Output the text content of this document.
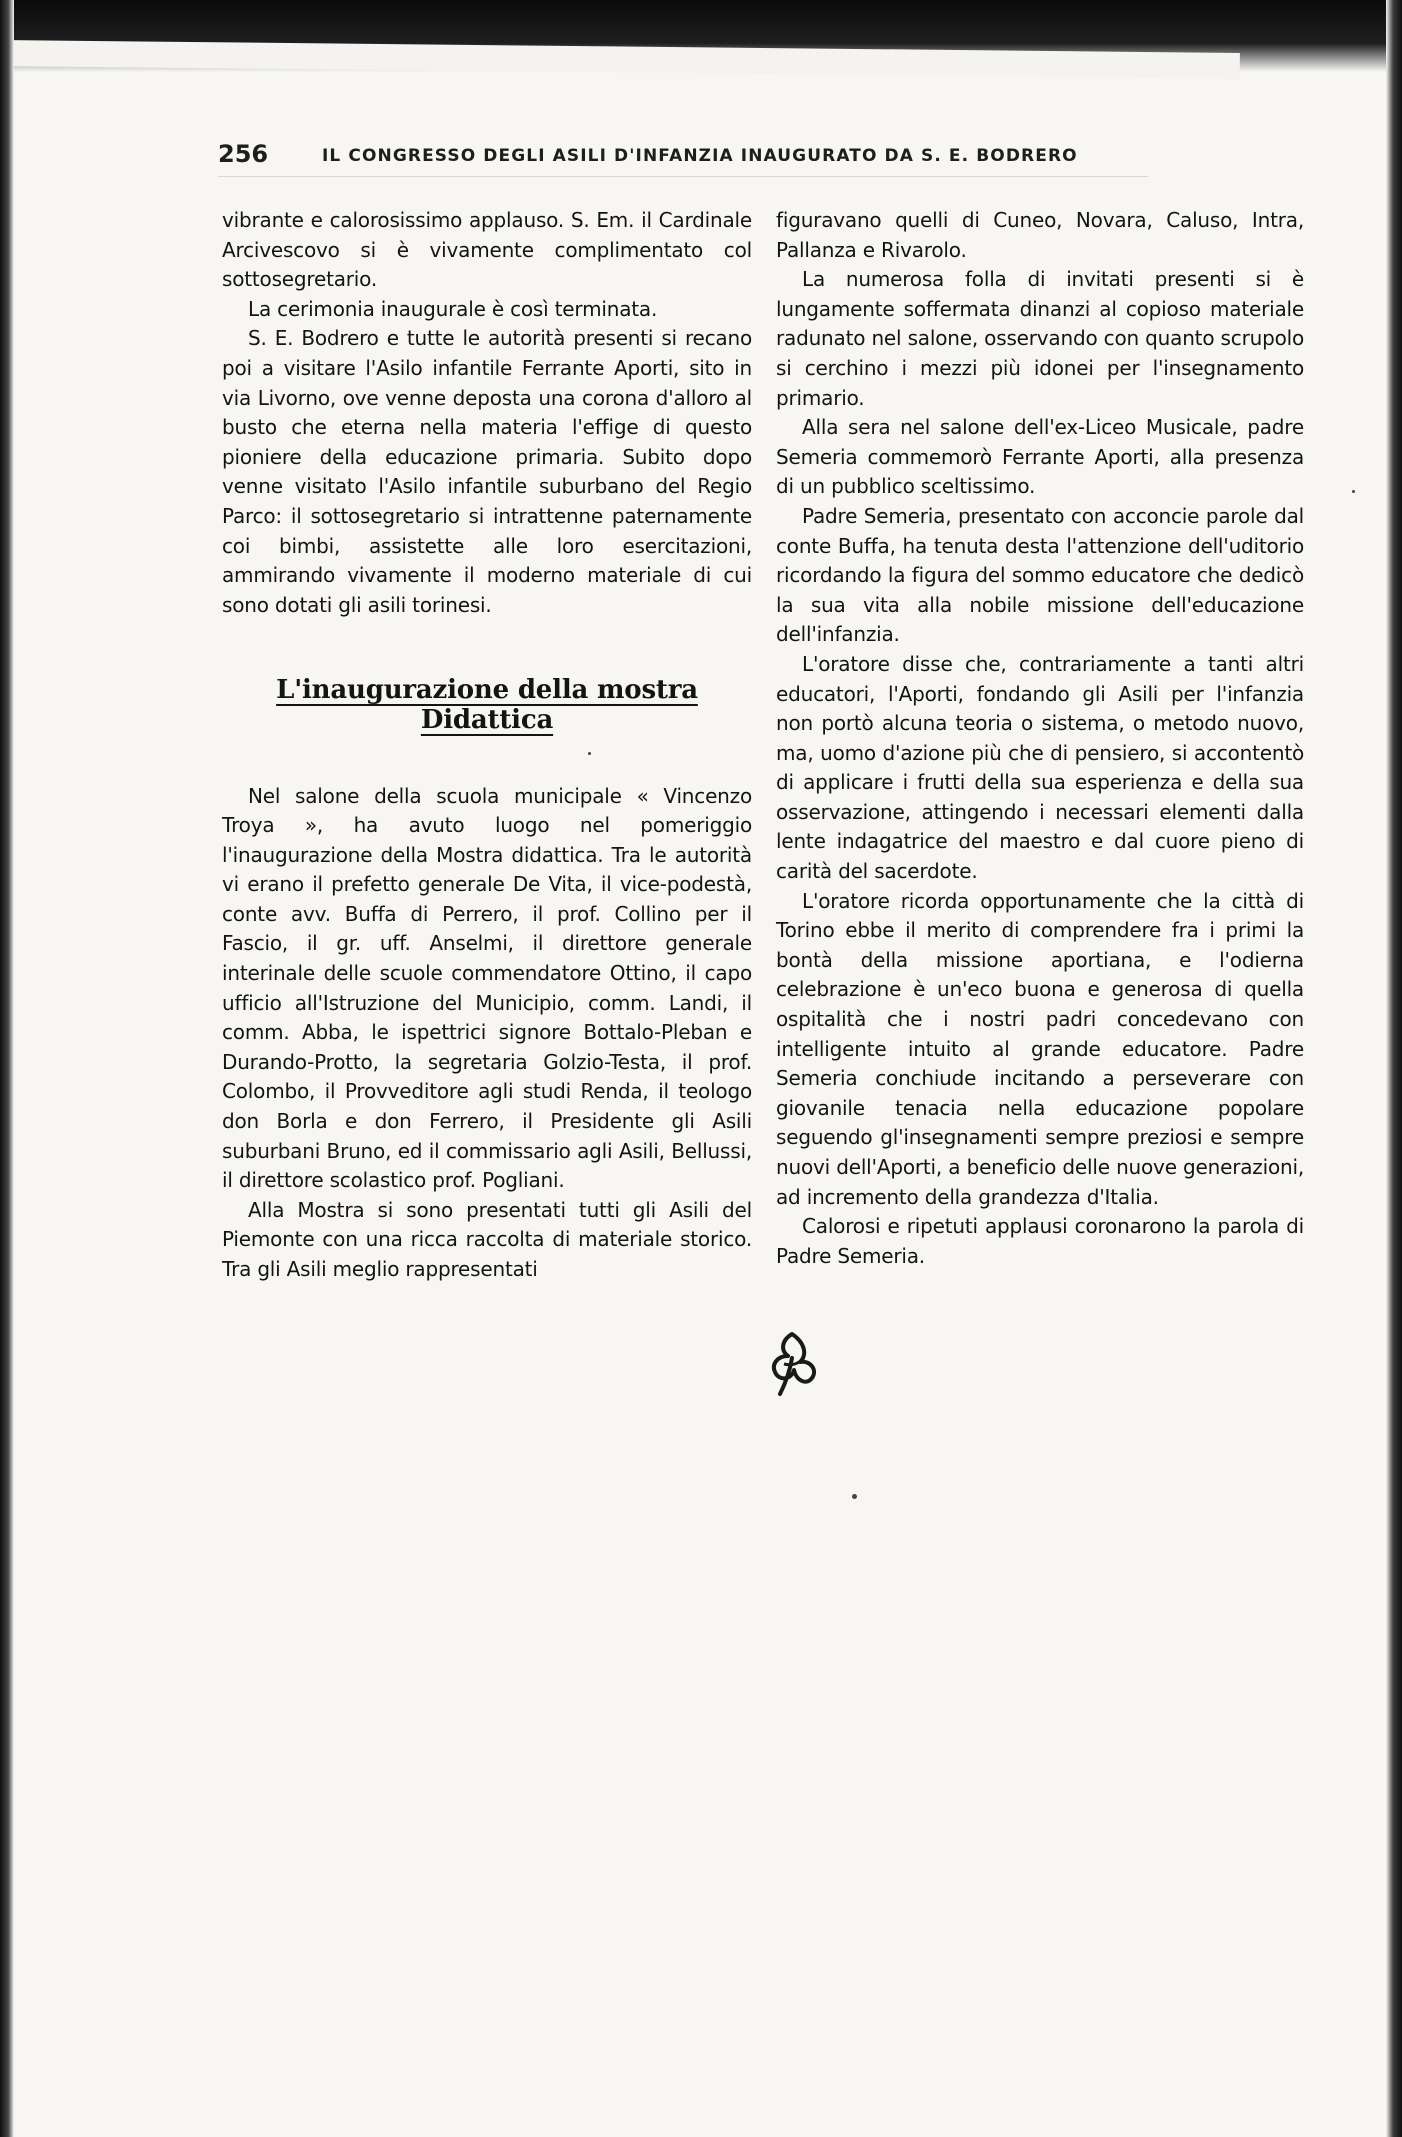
256	IL CONGRESSO DEGLI ASILI D'INFANZIA INAUGURATO DA S. E. BODRERO

vibrante e calorosissimo applauso. S. Em. il Cardinale Arcivescovo si è vivamente complimentato col sottosegretario.

La cerimonia inaugurale è così terminata.

S. E. Bodrero e tutte le autorità presenti si recano poi a visitare l'Asilo infantile Ferrante Aporti, sito in via Livorno, ove venne deposta una corona d'alloro al busto che eterna nella materia l'effige di questo pioniere della educazione primaria. Subito dopo venne visitato l'Asilo infantile suburbano del Regio Parco: il sottosegretario si intrattenne paternamente coi bimbi, assistette alle loro esercitazioni, ammirando vivamente il moderno materiale di cui sono dotati gli asili torinesi.

L'inaugurazione della mostra Didattica

Nel salone della scuola municipale « Vincenzo Troya », ha avuto luogo nel pomeriggio l'inaugurazione della Mostra didattica. Tra le autorità vi erano il prefetto generale De Vita, il vice-podestà, conte avv. Buffa di Perrero, il prof. Collino per il Fascio, il gr. uff. Anselmi, il direttore generale interinale delle scuole commendatore Ottino, il capo ufficio all'Istruzione del Municipio, comm. Landi, il comm. Abba, le ispettrici signore Bottalo-Pleban e Durando-Protto, la segretaria Golzio-Testa, il prof. Colombo, il Provveditore agli studi Renda, il teologo don Borla e don Ferrero, il Presidente gli Asili suburbani Bruno, ed il commissario agli Asili, Bellussi, il direttore scolastico prof. Pogliani.

Alla Mostra si sono presentati tutti gli Asili del Piemonte con una ricca raccolta di materiale storico. Tra gli Asili meglio rappresentati

figuravano quelli di Cuneo, Novara, Caluso, Intra, Pallanza e Rivarolo.

La numerosa folla di invitati presenti si è lungamente soffermata dinanzi al copioso materiale radunato nel salone, osservando con quanto scrupolo si cerchino i mezzi più idonei per l'insegnamento primario.

Alla sera nel salone dell'ex-Liceo Musicale, padre Semeria commemorò Ferrante Aporti, alla presenza di un pubblico sceltissimo.

Padre Semeria, presentato con acconcie parole dal conte Buffa, ha tenuta desta l'attenzione dell'uditorio ricordando la figura del sommo educatore che dedicò la sua vita alla nobile missione dell'educazione dell'infanzia.

L'oratore disse che, contrariamente a tanti altri educatori, l'Aporti, fondando gli Asili per l'infanzia non portò alcuna teoria o sistema, o metodo nuovo, ma, uomo d'azione più che di pensiero, si accontentò di applicare i frutti della sua esperienza e della sua osservazione, attingendo i necessari elementi dalla lente indagatrice del maestro e dal cuore pieno di carità del sacerdote.

L'oratore ricorda opportunamente che la città di Torino ebbe il merito di comprendere fra i primi la bontà della missione aportiana, e l'odierna celebrazione è un'eco buona e generosa di quella ospitalità che i nostri padri concedevano con intelligente intuito al grande educatore. Padre Semeria conchiude incitando a perseverare con giovanile tenacia nella educazione popolare seguendo gl'insegnamenti sempre preziosi e sempre nuovi dell'Aporti, a beneficio delle nuove generazioni, ad incremento della grandezza d'Italia.

Calorosi e ripetuti applausi coronarono la parola di Padre Semeria.
